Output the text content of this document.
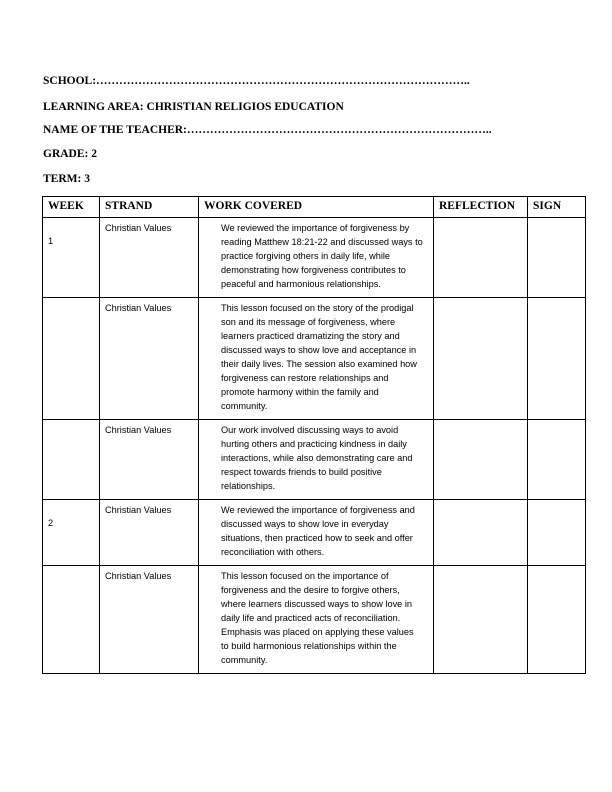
SCHOOL:……………………………………………………………………………………..
LEARNING AREA: CHRISTIAN RELIGIOS EDUCATION
NAME OF THE TEACHER:……………………………………………………………………..
GRADE: 2
TERM: 3
WEEK	STRAND	WORK COVERED	REFLECTION	SIGN
1	Christian Values	We reviewed the importance of forgiveness by reading Matthew 18:21-22 and discussed ways to practice forgiving others in daily life, while demonstrating how forgiveness contributes to peaceful and harmonious relationships.		
	Christian Values	This lesson focused on the story of the prodigal son and its message of forgiveness, where learners practiced dramatizing the story and discussed ways to show love and acceptance in their daily lives. The session also examined how forgiveness can restore relationships and promote harmony within the family and community.		
	Christian Values	Our work involved discussing ways to avoid hurting others and practicing kindness in daily interactions, while also demonstrating care and respect towards friends to build positive relationships.		
2	Christian Values	We reviewed the importance of forgiveness and discussed ways to show love in everyday situations, then practiced how to seek and offer reconciliation with others.		
	Christian Values	This lesson focused on the importance of forgiveness and the desire to forgive others, where learners discussed ways to show love in daily life and practiced acts of reconciliation. Emphasis was placed on applying these values to build harmonious relationships within the community.		
